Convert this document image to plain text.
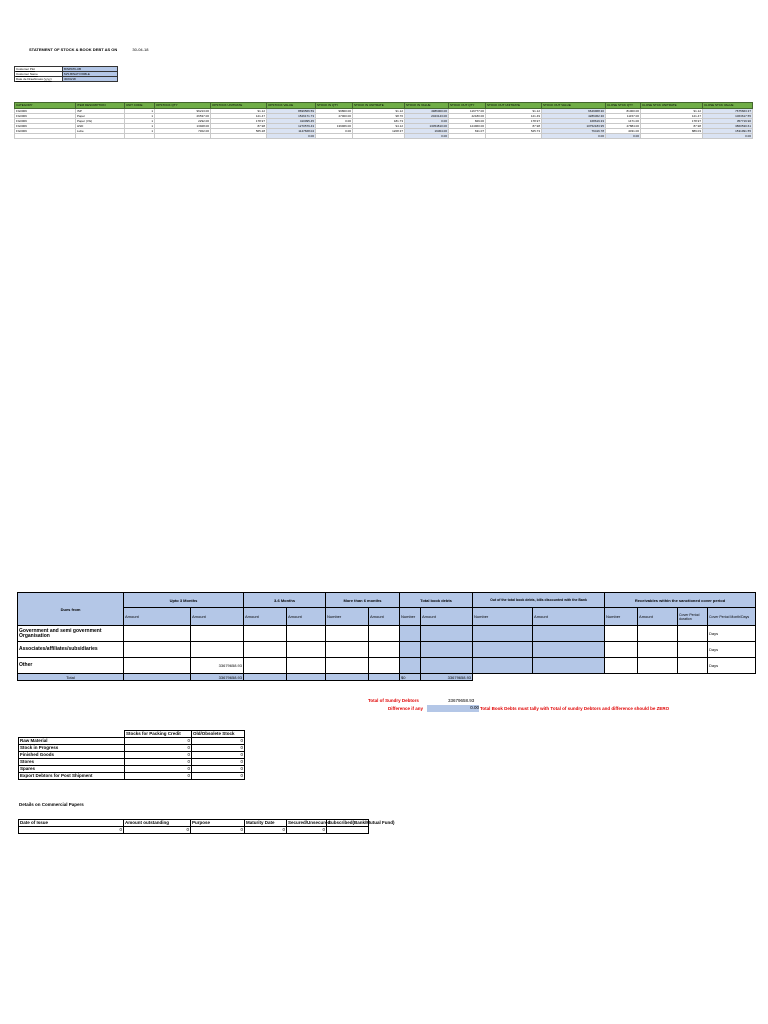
STATEMENT OF STOCK & BOOK DEBT AS ON	30-04-18
Customer Plot	BINPATILUB
Customer Name	M/S BINATI PABLE
Date de Drawlimass (yyyy)	30/04/18
CATEGORY	ITEM DESCRIPTION	UNIT CODE	OPSTOCK QTY	OPSTOCK UNITRATE	OPSTOCK VALUE	STOCK IN QTY	STOCK IN UNITRATE	STOCK IN VALUE	STOCK OUT QTY	STOCK OUT UNITRATE	STOCK OUT VALUE	CLOSE STCK QTY	CLOSE STCK UNITRATE	CLOSE STCK VALUE
FG0009	ISP	1	96213.00	91.12	8699566.59	99800.00	91.12	4986000.00	116777.00	91.12	6649968.30	81000.00	91.12	7675663.37
FG0009	Paper	1	26537.00	121.47	1526171.73	27000.00	98.76	2023143.00	42180.00	121.49	4286362.30	11157.00	121.47	1063617.55
FG0009	Paper (VG)	1	2292.00	178.97	410095.45	0.00	181.73	0.00	829.00	178.97	168619.33	1471.00	178.97	357719.90
FG0009	HSD	1	13928.00	87.98	1270579.43	139966.00	94.12	13054810.00	124960.00	87.98	10752183.95	47884.00	87.98	3860530.61
FG0009	Lube	1	7302.00	565.28	1147668.04	0.00	1208.37	19304.00	631.07	525.73	76416.78	4031.00	889.03	1531991.55
					0.00			0.00			0.00	0.00		0.00
Dues from	Upto 3 Months		3-6 Months		More than 6 months		Total book debts		Out of the total book debts, bills discounted with the Bank		Receivables within the sanctioned cover period			
	Amount	Amount	Amount	Amount	Number	Amount	Number	Amount	Number	Amount	Number	Amount	Cover Period duration	Cover Period Month/Days
Government and semi government Organisation														Days
Associates/affiliates/subsidiaries														Days
Other		33679658.93												Days
Total		33679658.93					$0	33679658.93						
Total of Sundry Debtors	33679658.93
Difference if any	0.00 Total Book Debts must tally with Total of sundry Debtors and difference should be ZERO
	Stocks for Packing Credit	Old/Obsolete Stock
Raw Material	0	0
Stock in Progress	0	0
Finished Goods	0	0
Stores	0	0
Spares	0	0
Export Debtors for Post Shipment	0	0
Details on Commercial Papers
Date of Issue	Amount outstanding	Purpose	Maturity Date	Secured/Unsecured	Subscribed(Bank/Mutual Fund)
0	0	0	0	0	
